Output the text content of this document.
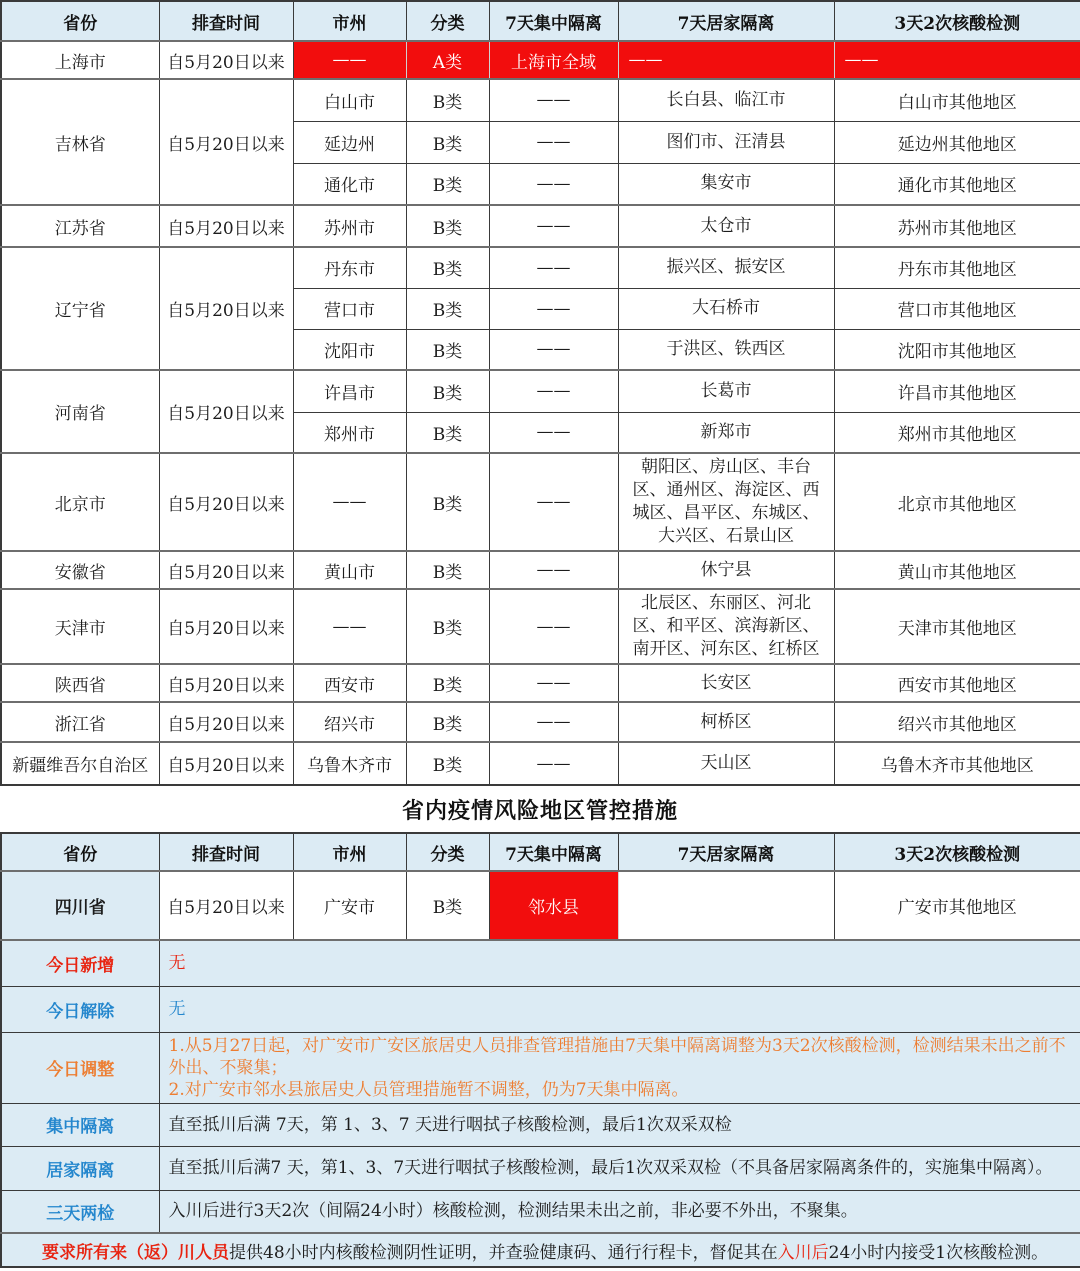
省份	排查时间	市州	分类	7天集中隔离	7天居家隔离	3天2次核酸检测
上海市	自5月20日以来	——	A类	上海市全域	——	——
吉林省	自5月20日以来	白山市	B类	——	长白县、临江市	白山市其他地区
		延边州	B类	——	图们市、汪清县	延边州其他地区
		通化市	B类	——	集安市	通化市其他地区
江苏省	自5月20日以来	苏州市	B类	——	太仓市	苏州市其他地区
辽宁省	自5月20日以来	丹东市	B类	——	振兴区、振安区	丹东市其他地区
		营口市	B类	——	大石桥市	营口市其他地区
		沈阳市	B类	——	于洪区、铁西区	沈阳市其他地区
河南省	自5月20日以来	许昌市	B类	——	长葛市	许昌市其他地区
		郑州市	B类	——	新郑市	郑州市其他地区
北京市	自5月20日以来	——	B类	——	朝阳区、房山区、丰台区、通州区、海淀区、西城区、昌平区、东城区、大兴区、石景山区	北京市其他地区
安徽省	自5月20日以来	黄山市	B类	——	休宁县	黄山市其他地区
天津市	自5月20日以来	——	B类	——	北辰区、东丽区、河北区、和平区、滨海新区、南开区、河东区、红桥区	天津市其他地区
陕西省	自5月20日以来	西安市	B类	——	长安区	西安市其他地区
浙江省	自5月20日以来	绍兴市	B类	——	柯桥区	绍兴市其他地区
新疆维吾尔自治区	自5月20日以来	乌鲁木齐市	B类	——	天山区	乌鲁木齐市其他地区
省内疫情风险地区管控措施
省份	排查时间	市州	分类	7天集中隔离	7天居家隔离	3天2次核酸检测
四川省	自5月20日以来	广安市	B类	邻水县		广安市其他地区
今日新增	无					

今日解除	无					

今日调整	1.从5月27日起，对广安市广安区旅居史人员排查管理措施由7天集中隔离调整为3天2次核酸检测，检测结果未出之前不外出、不聚集；
2.对广安市邻水县旅居史人员管理措施暂不调整，仍为7天集中隔离。					

集中隔离	直至抵川后满 7天，第 1、3、7 天进行咽拭子核酸检测，最后1次双采双检					

居家隔离	直至抵川后满7 天，第1、3、7天进行咽拭子核酸检测，最后1次双采双检（不具备居家隔离条件的，实施集中隔离）。					

三天两检	入川后进行3天2次（间隔24小时）核酸检测，检测结果未出之前，非必要不外出，不聚集。					

要求所有来（返）川人员提供48小时内核酸检测阴性证明，并查验健康码、通行行程卡，督促其在入川后24小时内接受1次核酸检测。						
